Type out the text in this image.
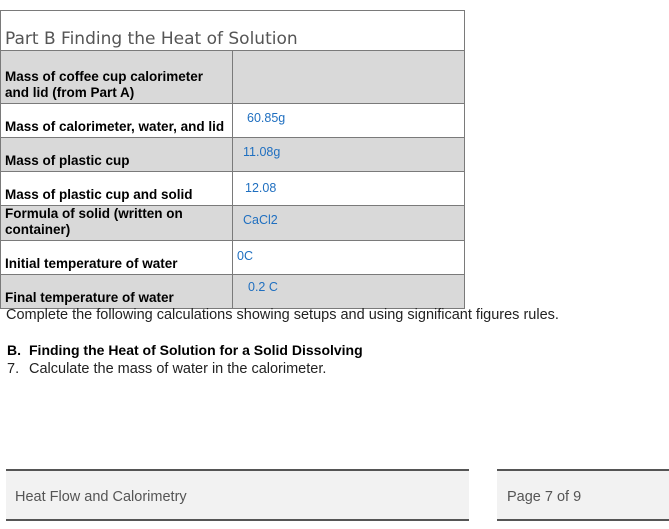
Part B Finding the Heat of Solution	
Mass of coffee cup calorimeter and lid (from Part A)	
Mass of calorimeter, water, and lid	60.85g

Mass of plastic cup	11.08g

Mass of plastic cup and solid	12.08

Formula of solid (written on container)	CaCl2

Initial temperature of water	0C

Final temperature of water	0.2 C
Complete the following calculations showing setups and using significant figures rules.
B. Finding the Heat of Solution for a Solid Dissolving
7. Calculate the mass of water in the calorimeter.
Heat Flow and Calorimetry	Page 7 of 9
